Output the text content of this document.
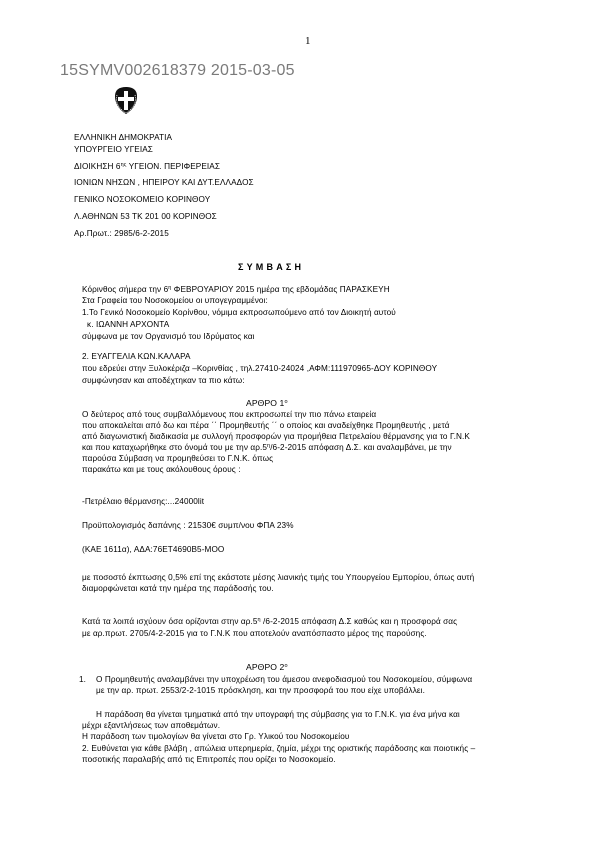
1
15SYMV002618379 2015-03-05
ΕΛΛΗΝΙΚΗ ΔΗΜΟΚΡΑΤΙΑ
ΥΠΟΥΡΓΕΙΟ ΥΓΕΙΑΣ
ΔΙΟΙΚΗΣΗ $6^{\eta\varsigma}$ ΥΓΕΙΟΝ. ΠΕΡΙΦΕΡΕΙΑΣ
ΙΟΝΙΩΝ ΝΗΣΩΝ , ΗΠΕΙΡΟΥ ΚΑΙ ΔΥΤ.ΕΛΛΑΔΟΣ
ΓΕΝΙΚΟ ΝΟΣΟΚΟΜΕΙΟ ΚΟΡΙΝΘΟΥ
Λ.ΑΘΗΝΩΝ 53 ΤΚ 201 00 ΚΟΡΙΝΘΟΣ
Αρ.Πρωτ.: 2985/6-2-2015
ΣΥΜΒΑΣΗ
Κόρινθος σήμερα την $6^\eta$ ΦΕΒΡΟΥΑΡΙΟΥ 2015 ημέρα της εβδομάδας ΠΑΡΑΣΚΕΥΗ
Στα Γραφεία του Νοσοκομείου οι υπογεγραμμένοι:
1.Το Γενικό Νοσοκομείο Κορίνθου, νόμιμα εκπροσωπούμενο από τον Διοικητή αυτού
κ. ΙΩΑΝΝΗ ΑΡΧΟΝΤΑ
σύμφωνα με τον Οργανισμό του Ιδρύματος και
2. ΕΥΑΓΓΕΛΙΑ ΚΩΝ.ΚΑΛΑΡΑ
που εδρεύει στην Ξυλοκέριζα –Κορινθίας , τηλ.27410-24024 ,ΑΦΜ:111970965-ΔΟΥ ΚΟΡΙΝΘΟΥ
συμφώνησαν και αποδέχτηκαν τα πιο κάτω:
ΑΡΘΡΟ $1^o$
Ο δεύτερος από τους συμβαλλόμενους που εκπροσωπεί την πιο πάνω εταιρεία
που αποκαλείται από δω και πέρα ΄΄ Προμηθευτής ΄΄ ο οποίος και αναδείχθηκε Προμηθευτής , μετά
από διαγωνιστική διαδικασία με συλλογή προσφορών για προμήθεια Πετρελαίου θέρμανσης για το Γ.Ν.Κ
και που καταχωρήθηκε στο όνομά του με την $\alpha\rho.5^\eta/6-2-2015$ απόφαση Δ.Σ. και αναλαμβάνει, με την
παρούσα Σύμβαση να προμηθεύσει το Γ.Ν.Κ. όπως
παρακάτω και με τους ακόλουθους όρους :
-Πετρέλαιο θέρμανσης:...24000lit
Προϋπολογισμός δαπάνης : 21530€ συμπ/νου ΦΠΑ 23%
(ΚΑΕ 1611α), ΑΔΑ:76ΕΤ4690Β5-ΜΟΟ
με ποσοστό έκπτωσης 0,5% επί της εκάστοτε μέσης λιανικής τιμής του Υπουργείου Εμπορίου, όπως αυτή
διαμορφώνεται κατά την ημέρα της παράδοσής του.
Κατά τα λοιπά ισχύουν όσα ορίζονται στην $\alpha\rho.5^\eta$ /6-2-2015 απόφαση Δ.Σ καθώς και η προσφορά σας
με αρ.πρωτ. 2705/4-2-2015 για το Γ.Ν.Κ που αποτελούν αναπόσπαστο μέρος της παρούσης.
ΑΡΘΡΟ $2^o$
1. Ο Προμηθευτής αναλαμβάνει την υποχρέωση του άμεσου ανεφοδιασμού του Νοσοκομείου, σύμφωνα
με την αρ. πρωτ. 2553/2-2-1015 πρόσκληση, και την προσφορά του που είχε υποβάλλει.
Η παράδοση θα γίνεται τμηματικά από την υπογραφή της σύμβασης για το Γ.Ν.Κ. για ένα μήνα και
μέχρι εξαντλήσεως των αποθεμάτων.
Η παράδοση των τιμολογίων θα γίνεται στο Γρ. Υλικού του Νοσοκομείου
2. Ευθύνεται για κάθε βλάβη , απώλεια υπερημερία, ζημία, μέχρι της οριστικής παράδοσης και ποιοτικής –
ποσοτικής παραλαβής από τις Επιτροπές που ορίζει το Νοσοκομείο.
